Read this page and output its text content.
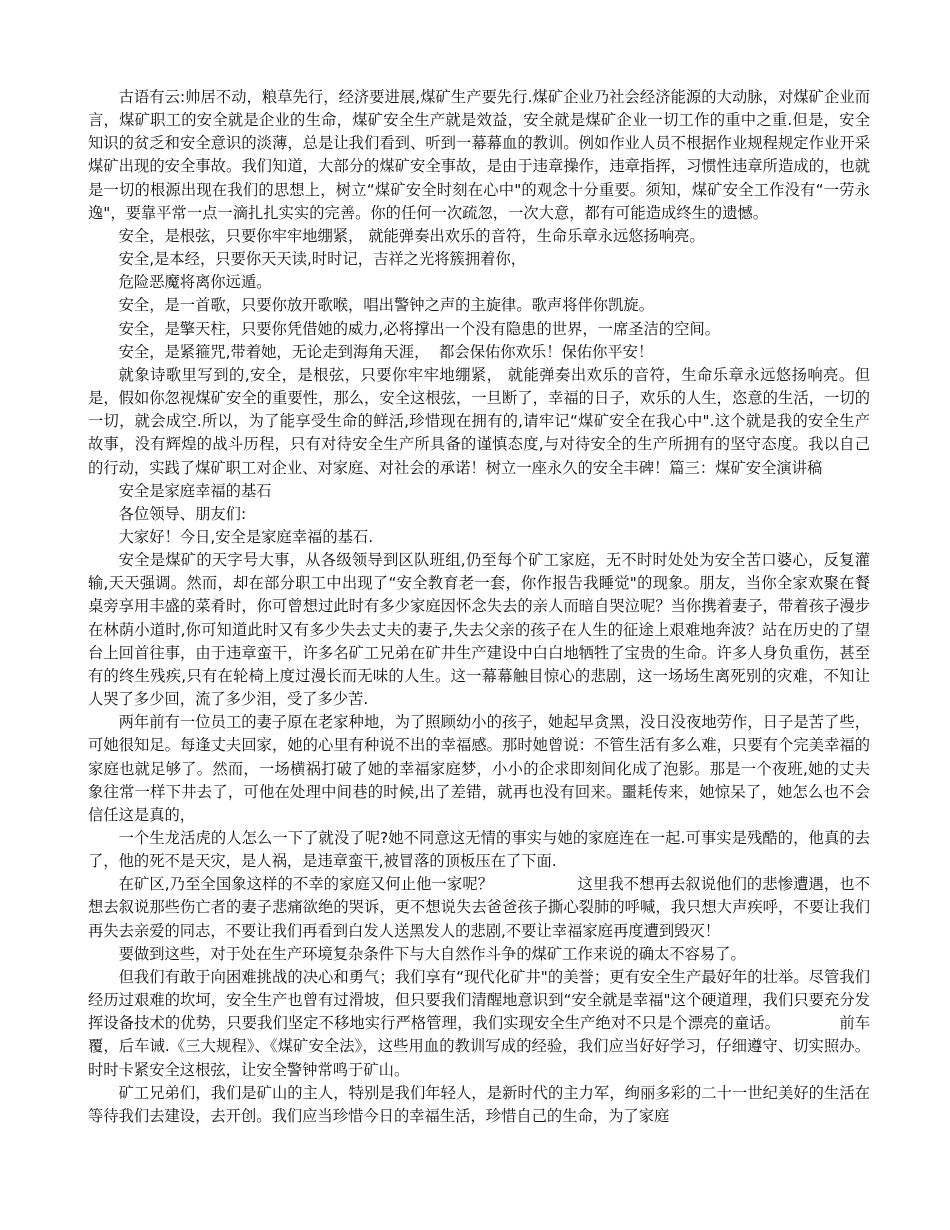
古语有云:帅居不动，粮草先行，经济要进展,煤矿生产要先行.煤矿企业乃社会经济能源的大动脉，对煤矿企业而言，煤矿职工的安全就是企业的生命，煤矿安全生产就是效益，安全就是煤矿企业一切工作的重中之重.但是，安全知识的贫乏和安全意识的淡薄，总是让我们看到、听到一幕幕血的教训。例如作业人员不根据作业规程规定作业开采煤矿出现的安全事故。我们知道，大部分的煤矿安全事故，是由于违章操作，违章指挥，习惯性违章所造成的，也就是一切的根源出现在我们的思想上，树立“煤矿安全时刻在心中"的观念十分重要。须知，煤矿安全工作没有“一劳永逸"，要靠平常一点一滴扎扎实实的完善。你的任何一次疏忽，一次大意，都有可能造成终生的遗憾。

安全，是根弦，只要你牢牢地绷紧， 就能弹奏出欢乐的音符，生命乐章永远悠扬响亮。

安全,是本经，只要你天天读,时时记，吉祥之光将簇拥着你，

危险恶魔将离你远遁。

安全，是一首歌，只要你放开歌喉，唱出警钟之声的主旋律。歌声将伴你凯旋。

安全，是擎天柱，只要你凭借她的威力,必将撑出一个没有隐患的世界，一席圣洁的空间。

安全，是紧箍咒,带着她，无论走到海角天涯，  都会保佑你欢乐！保佑你平安！

就象诗歌里写到的,安全，是根弦，只要你牢牢地绷紧， 就能弹奏出欢乐的音符，生命乐章永远悠扬响亮。但是，假如你忽视煤矿安全的重要性，那么，安全这根弦，一旦断了，幸福的日子，欢乐的人生，恣意的生活，一切的一切，就会成空.所以，为了能享受生命的鲜活,珍惜现在拥有的,请牢记“煤矿安全在我心中".这个就是我的安全生产故事，没有辉煌的战斗历程，只有对待安全生产所具备的谨慎态度,与对待安全的生产所拥有的坚守态度。我以自己的行动，实践了煤矿职工对企业、对家庭、对社会的承诺！树立一座永久的安全丰碑！篇三：煤矿安全演讲稿

安全是家庭幸福的基石

各位领导、朋友们:

大家好！今日,安全是家庭幸福的基石.

安全是煤矿的天字号大事，从各级领导到区队班组,仍至每个矿工家庭，无不时时处处为安全苦口婆心，反复灌输,天天强调。然而，却在部分职工中出现了“安全教育老一套，你作报告我睡觉"的现象。朋友，当你全家欢聚在餐桌旁享用丰盛的菜肴时，你可曾想过此时有多少家庭因怀念失去的亲人而暗自哭泣呢？当你携着妻子，带着孩子漫步在林荫小道时,你可知道此时又有多少失去丈夫的妻子,失去父亲的孩子在人生的征途上艰难地奔波？站在历史的了望台上回首往事，由于违章蛮干，许多名矿工兄弟在矿井生产建设中白白地牺牲了宝贵的生命。许多人身负重伤，甚至有的终生残疾,只有在轮椅上度过漫长而无味的人生。这一幕幕触目惊心的悲剧，这一场场生离死别的灾难，不知让人哭了多少回，流了多少泪，受了多少苦.

两年前有一位员工的妻子原在老家种地，为了照顾幼小的孩子，她起早贪黑，没日没夜地劳作，日子是苦了些，可她很知足。每逢丈夫回家，她的心里有种说不出的幸福感。那时她曾说：不管生活有多么难，只要有个完美幸福的家庭也就足够了。然而，一场横祸打破了她的幸福家庭梦，小小的企求即刻间化成了泡影。那是一个夜班,她的丈夫象往常一样下井去了，可他在处理中间巷的时候,出了差错，就再也没有回来。噩耗传来，她惊呆了，她怎么也不会信任这是真的，

一个生龙活虎的人怎么一下了就没了呢?她不同意这无情的事实与她的家庭连在一起.可事实是残酷的，他真的去了，他的死不是天灾，是人祸，是违章蛮干,被冒落的顶板压在了下面.

在矿区,乃至全国象这样的不幸的家庭又何止他一家呢？                 这里我不想再去叙说他们的悲惨遭遇，也不想去叙说那些伤亡者的妻子悲痛欲绝的哭诉，更不想说失去爸爸孩子撕心裂肺的呼喊，我只想大声疾呼，不要让我们再失去亲爱的同志，不要让我们再看到白发人送黑发人的悲剧,不要让幸福家庭再度遭到毁灭！

要做到这些，对于处在生产环境复杂条件下与大自然作斗争的煤矿工作来说的确太不容易了。

但我们有敢于向困难挑战的决心和勇气；我们享有“现代化矿井"的美誉；更有安全生产最好年的壮举。尽管我们经历过艰难的坎坷，安全生产也曾有过滑坡，但只要我们清醒地意识到“安全就是幸福"这个硬道理，我们只要充分发挥设备技术的优势，只要我们坚定不移地实行严格管理，我们实现安全生产绝对不只是个漂亮的童话。            前车覆，后车诫.《三大规程》、《煤矿安全法》，这些用血的教训写成的经验，我们应当好好学习，仔细遵守、切实照办。时时卡紧安全这根弦，让安全警钟常鸣于矿山。

矿工兄弟们，我们是矿山的主人，特别是我们年轻人，是新时代的主力军，绚丽多彩的二十一世纪美好的生活在等待我们去建设，去开创。我们应当珍惜今日的幸福生活，珍惜自己的生命，为了家庭
